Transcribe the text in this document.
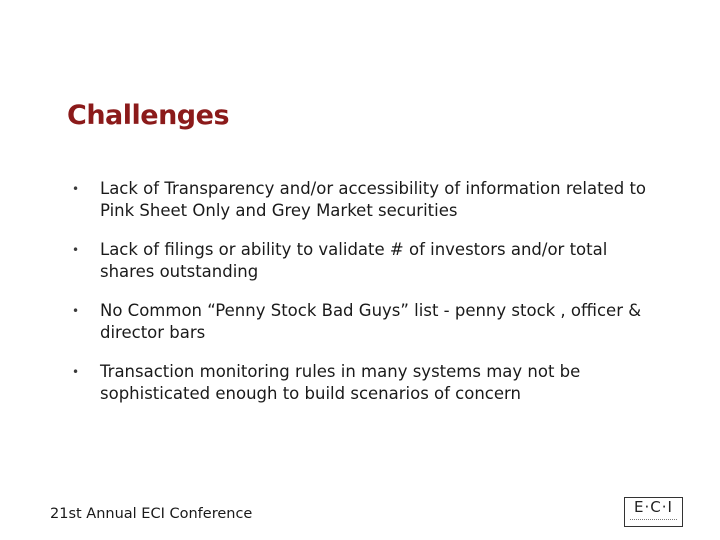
Challenges
• Lack of Transparency and/or accessibility of information related to Pink Sheet Only and Grey Market securities
• Lack of filings or ability to validate # of investors and/or total shares outstanding
• No Common “Penny Stock Bad Guys” list - penny stock , officer & director bars
• Transaction monitoring rules in many systems may not be sophisticated enough to build scenarios of concern
21st Annual ECI Conference	E·C·I
